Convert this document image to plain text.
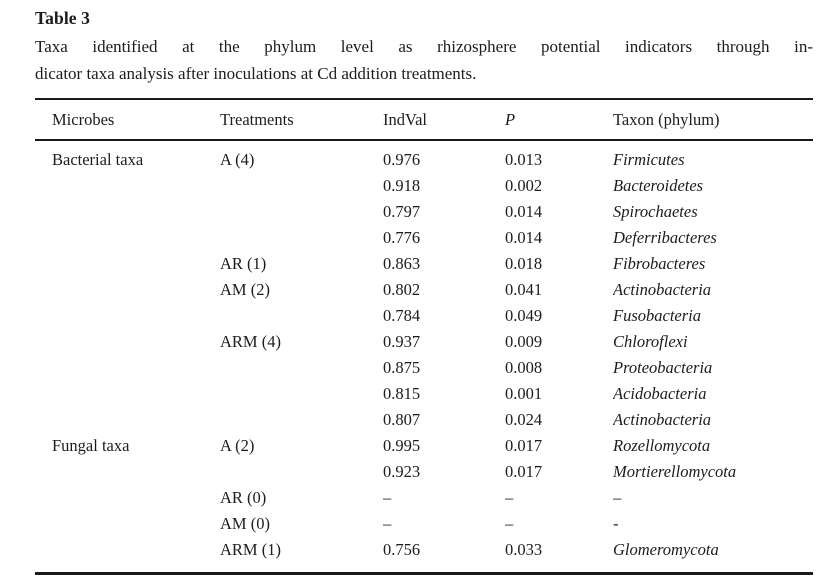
Table 3
Taxa identified at the phylum level as rhizosphere potential indicators through in-
dicator taxa analysis after inoculations at Cd addition treatments.
Microbes	Treatments	IndVal	P	Taxon (phylum)
Bacterial taxa	A (4)	0.976	0.013	Firmicutes
		0.918	0.002	Bacteroidetes
		0.797	0.014	Spirochaetes
		0.776	0.014	Deferribacteres
	AR (1)	0.863	0.018	Fibrobacteres
	AM (2)	0.802	0.041	Actinobacteria
		0.784	0.049	Fusobacteria
	ARM (4)	0.937	0.009	Chloroflexi
		0.875	0.008	Proteobacteria
		0.815	0.001	Acidobacteria
		0.807	0.024	Actinobacteria
Fungal taxa	A (2)	0.995	0.017	Rozellomycota
		0.923	0.017	Mortierellomycota
	AR (0)	–	–	–
	AM (0)	–	–	-
	ARM (1)	0.756	0.033	Glomeromycota
